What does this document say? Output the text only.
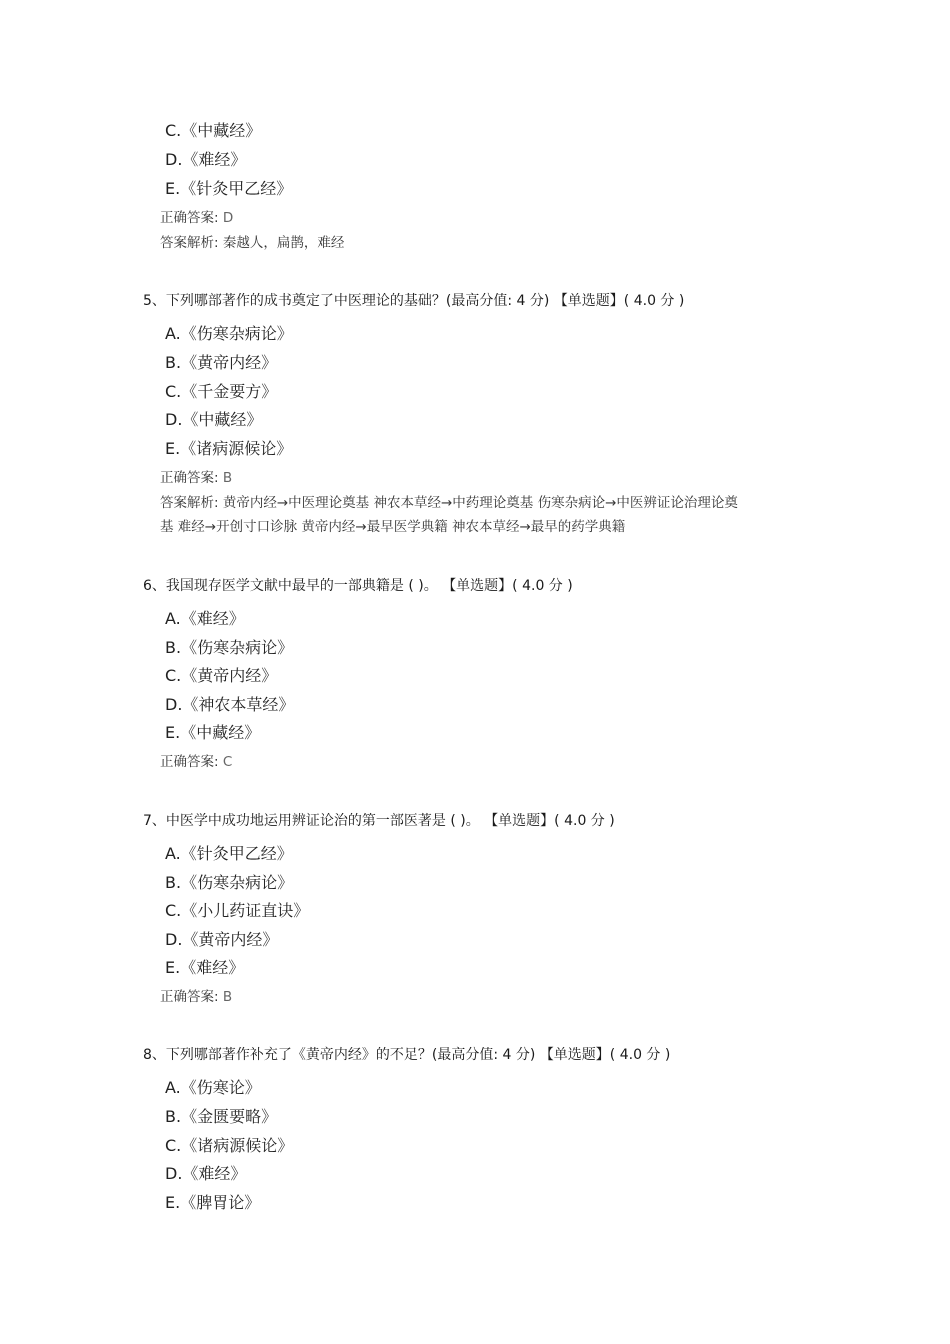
C.《中藏经》
D.《难经》
E.《针灸甲乙经》
正确答案: D
答案解析: 秦越人，扁鹊，难经
5、下列哪部著作的成书奠定了中医理论的基础？(最高分值: 4 分) 【单选题】( 4.0 分 )
A.《伤寒杂病论》
B.《黄帝内经》
C.《千金要方》
D.《中藏经》
E.《诸病源候论》
正确答案: B
答案解析: 黄帝内经→中医理论奠基 神农本草经→中药理论奠基 伤寒杂病论→中医辨证论治理论奠
基 难经→开创寸口诊脉 黄帝内经→最早医学典籍 神农本草经→最早的药学典籍
6、我国现存医学文献中最早的一部典籍是 ( )。 【单选题】( 4.0 分 )
A.《难经》
B.《伤寒杂病论》
C.《黄帝内经》
D.《神农本草经》
E.《中藏经》
正确答案: C
7、中医学中成功地运用辨证论治的第一部医著是 ( )。 【单选题】( 4.0 分 )
A.《针灸甲乙经》
B.《伤寒杂病论》
C.《小儿药证直诀》
D.《黄帝内经》
E.《难经》
正确答案: B
8、下列哪部著作补充了《黄帝内经》的不足？(最高分值: 4 分) 【单选题】( 4.0 分 )
A.《伤寒论》
B.《金匮要略》
C.《诸病源候论》
D.《难经》
E.《脾胃论》
